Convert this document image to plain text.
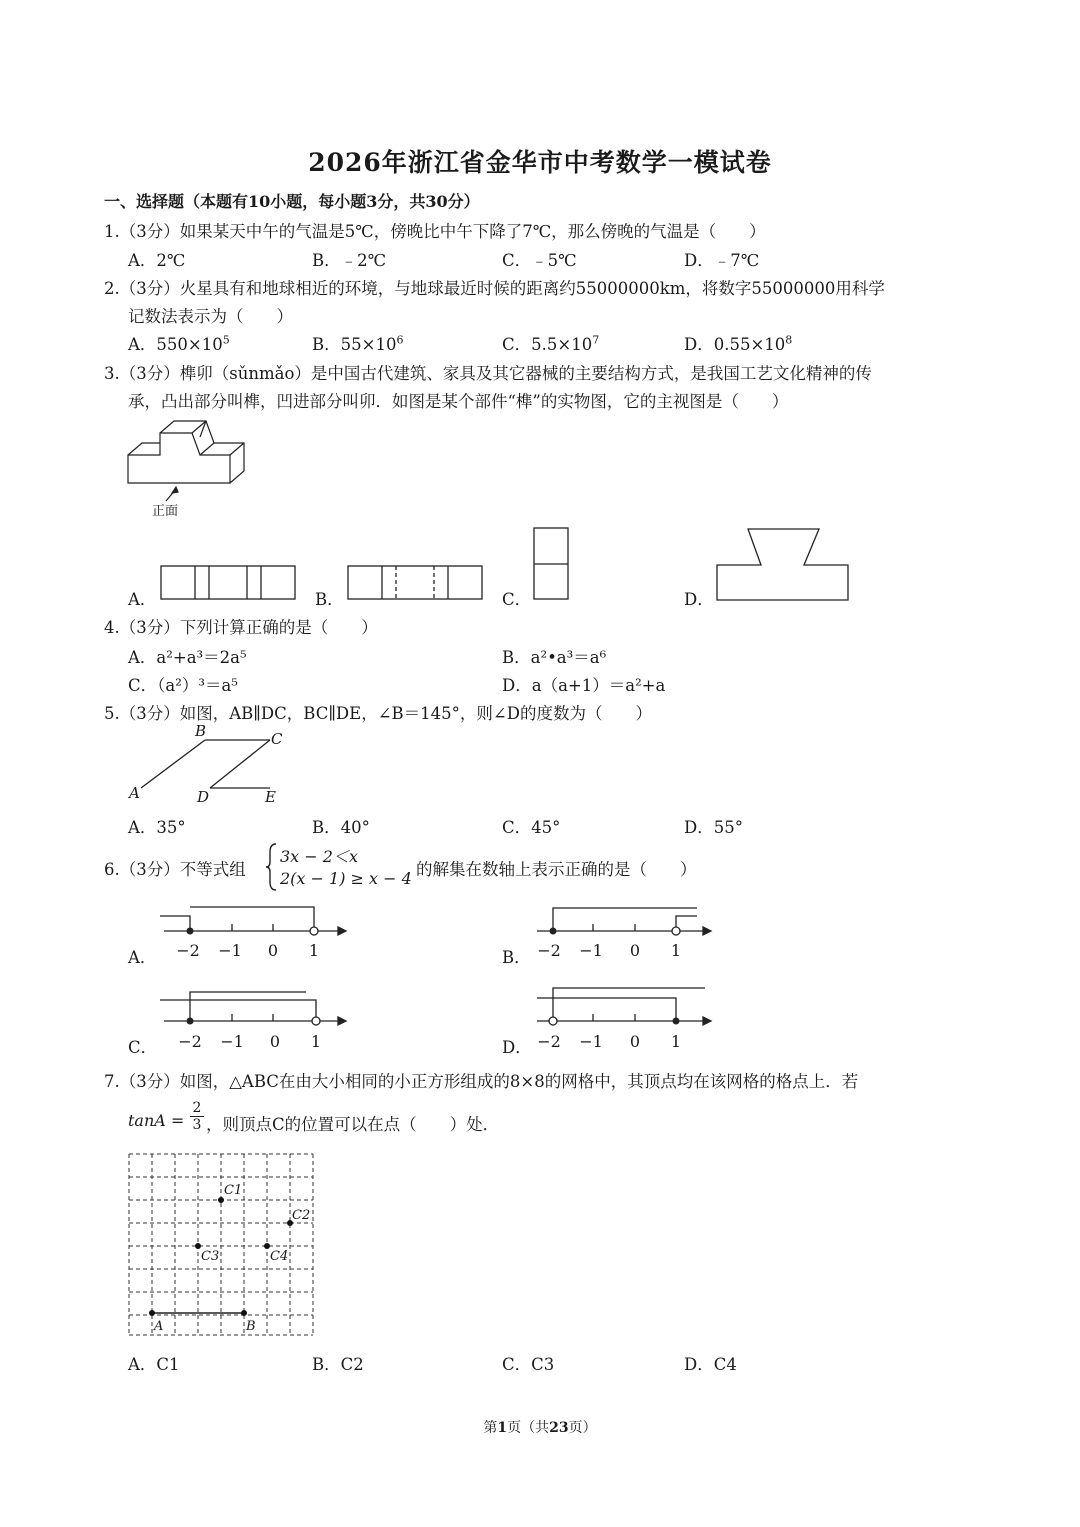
2026年浙江省金华市中考数学一模试卷
一、选择题（本题有10小题，每小题3分，共30分）
1.（3分）如果某天中午的气温是5℃，傍晚比中午下降了7℃，那么傍晚的气温是（　　）
A．2℃	B．﹣2℃	C．﹣5℃	D．﹣7℃
2.（3分）火星具有和地球相近的环境，与地球最近时候的距离约55000000km，将数字55000000用科学
记数法表示为（　　）
A．$550\times 10^5$	B．$55\times 10^6$	C．$5.5\times 10^7$	D．$0.55\times 10^8$
3.（3分）榫卯（sǔnmǎo）是中国古代建筑、家具及其它器械的主要结构方式，是我国工艺文化精神的传
承，凸出部分叫榫，凹进部分叫卯．如图是某个部件“榫”的实物图，它的主视图是（　　）
正面
A．	B．	C．	D．
4.（3分）下列计算正确的是（　　）
A．a²+a³＝2a⁵	B．a²•a³＝a⁶
C．（a²）³＝a⁵	D．a（a+1）＝a²+a
5.（3分）如图，AB∥DC，BC∥DE，∠B＝145°，则∠D的度数为（　　）
A
B	C
D	E
A．35°	B．40°	C．45°	D．55°
6.（3分）不等式组
3x − 2＜x
2(x − 1) ≥ x − 4 的解集在数轴上表示正确的是（　　）
A． −2 −1 0 1	B． −2 −1 0 1
C． −2 −1 0 1	D． −2 −1 0 1
7.（3分）如图，△ABC在由大小相同的小正方形组成的8×8的网格中，其顶点均在该网格的格点上．若
$\tan A = \frac{2}{3}$ ，则顶点C的位置可以在点（　　）处．
C1
C2
C3	C4
A	B
A．C1	B．C2	C．C3	D．C4
第1页（共23页）
